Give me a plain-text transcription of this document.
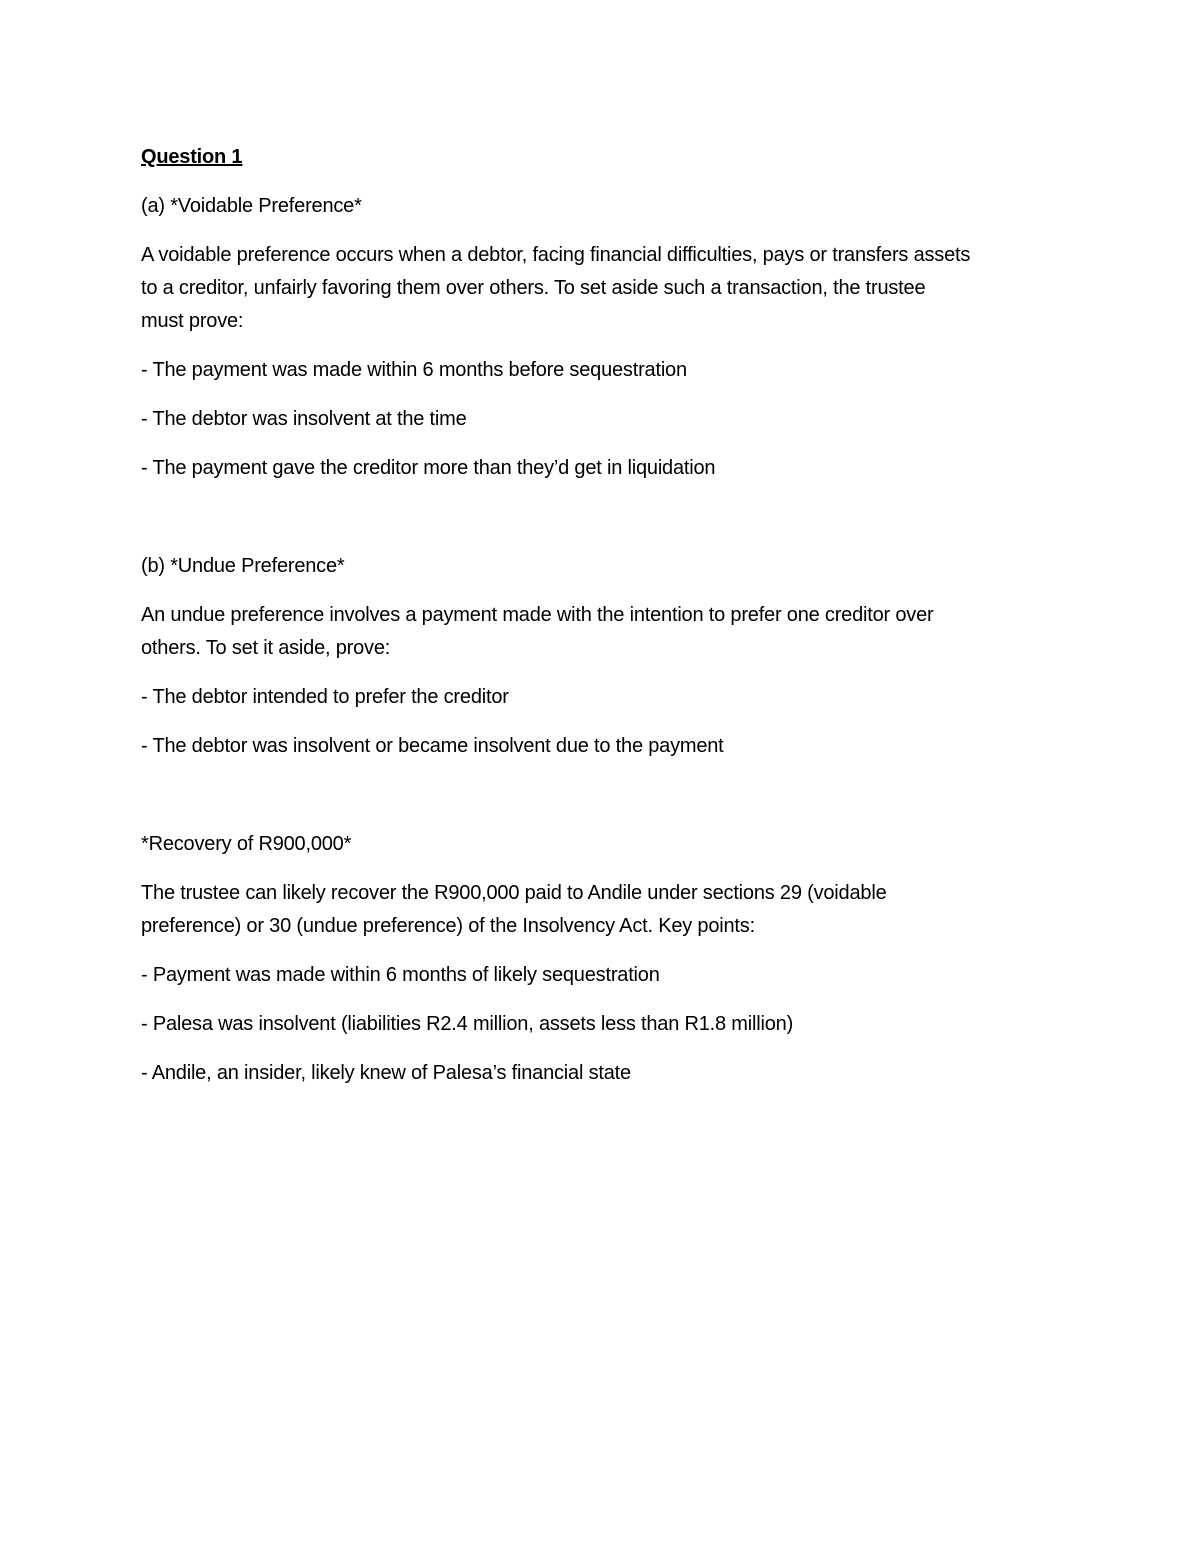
Question 1
(a) *Voidable Preference*
A voidable preference occurs when a debtor, facing financial difficulties, pays or transfers assets
to a creditor, unfairly favoring them over others. To set aside such a transaction, the trustee
must prove:
- The payment was made within 6 months before sequestration
- The debtor was insolvent at the time
- The payment gave the creditor more than they’d get in liquidation
(b) *Undue Preference*
An undue preference involves a payment made with the intention to prefer one creditor over
others. To set it aside, prove:
- The debtor intended to prefer the creditor
- The debtor was insolvent or became insolvent due to the payment
*Recovery of R900,000*
The trustee can likely recover the R900,000 paid to Andile under sections 29 (voidable
preference) or 30 (undue preference) of the Insolvency Act. Key points:
- Payment was made within 6 months of likely sequestration
- Palesa was insolvent (liabilities R2.4 million, assets less than R1.8 million)
- Andile, an insider, likely knew of Palesa’s financial state
